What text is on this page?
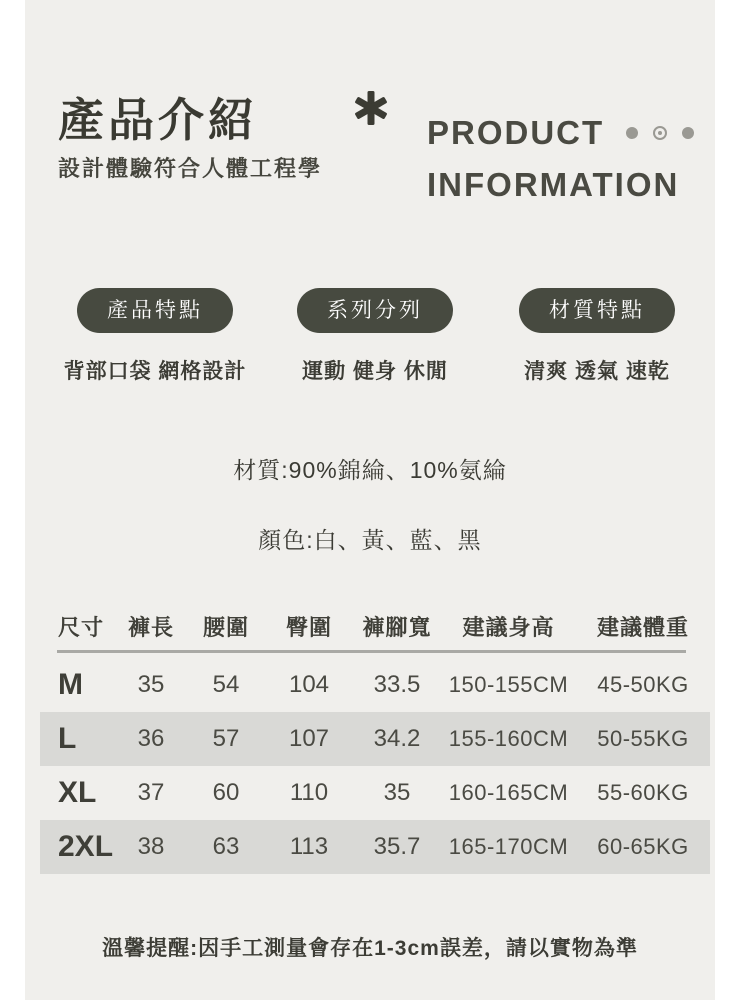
產品介紹

設計體驗符合人體工程學

PRODUCT
INFORMATION
產品特點
背部口袋 網格設計
系列分列
運動 健身 休閒
材質特點
清爽 透氣 速乾
材質:90%錦綸、10%氨綸
顏色:白、黃、藍、黑
尺寸	褲長	腰圍	臀圍	褲腳寬	建議身高	建議體重
M	35	54	104	33.5	150-155CM	45-50KG
L	36	57	107	34.2	155-160CM	50-55KG
XL	37	60	110	35	160-165CM	55-60KG
2XL	38	63	113	35.7	165-170CM	60-65KG
溫馨提醒:因手工測量會存在1-3cm誤差，請以實物為準
